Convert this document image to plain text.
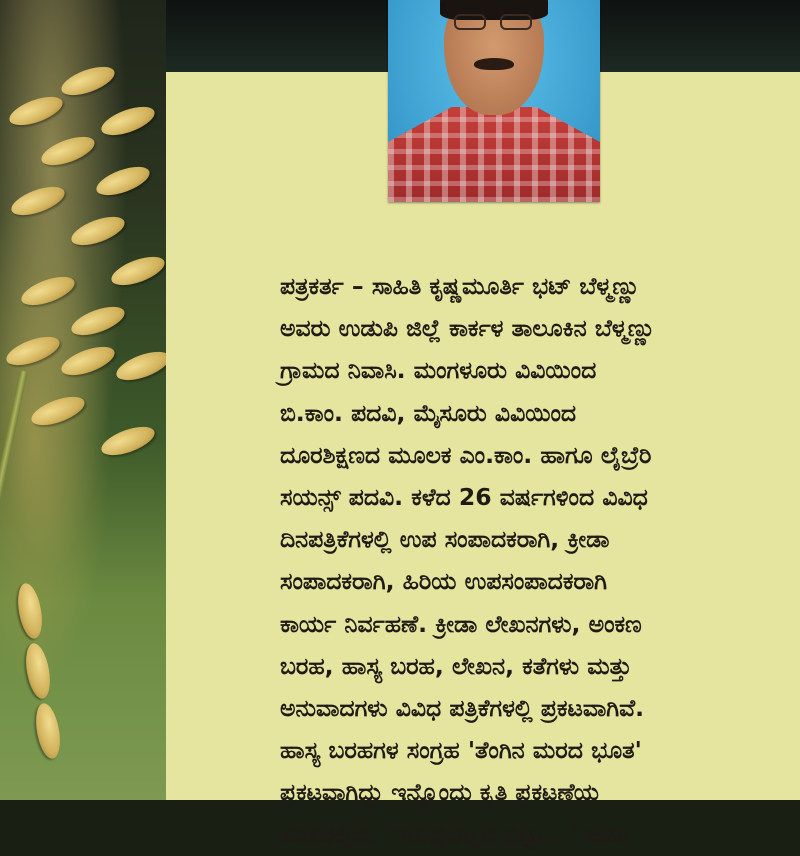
ಪತ್ರಕರ್ತ – ಸಾಹಿತಿ ಕೃಷ್ಣಮೂರ್ತಿ ಭಟ್ ಬೆಳ್ಮಣ್ಣು
ಅವರು ಉಡುಪಿ ಜಿಲ್ಲೆ ಕಾರ್ಕಳ ತಾಲೂಕಿನ ಬೆಳ್ಮಣ್ಣು
ಗ್ರಾಮದ ನಿವಾಸಿ. ಮಂಗಳೂರು ವಿವಿಯಿಂದ
ಬಿ.ಕಾಂ. ಪದವಿ, ಮೈಸೂರು ವಿವಿಯಿಂದ
ದೂರಶಿಕ್ಷಣದ ಮೂಲಕ ಎಂ.ಕಾಂ. ಹಾಗೂ ಲೈಬ್ರೆರಿ
ಸಯನ್ಸ್ ಪದವಿ. ಕಳೆದ 26 ವರ್ಷಗಳಿಂದ ವಿವಿಧ
ದಿನಪತ್ರಿಕೆಗಳಲ್ಲಿ ಉಪ ಸಂಪಾದಕರಾಗಿ, ಕ್ರೀಡಾ
ಸಂಪಾದಕರಾಗಿ, ಹಿರಿಯ ಉಪಸಂಪಾದಕರಾಗಿ
ಕಾರ್ಯ ನಿರ್ವಹಣೆ. ಕ್ರೀಡಾ ಲೇಖನಗಳು, ಅಂಕಣ
ಬರಹ, ಹಾಸ್ಯ ಬರಹ, ಲೇಖನ, ಕತೆಗಳು ಮತ್ತು
ಅನುವಾದಗಳು ವಿವಿಧ ಪತ್ರಿಕೆಗಳಲ್ಲಿ ಪ್ರಕಟವಾಗಿವೆ.
ಹಾಸ್ಯ ಬರಹಗಳ ಸಂಗ್ರಹ 'ತೆಂಗಿನ ಮರದ ಭೂತ'
ಪ್ರಕಟವಾಗಿದ್ದು ಇನ್ನೊಂದು ಕೃತಿ ಪ್ರಕಟಣೆಯ
ಹಂತದಲ್ಲಿದೆ, 'ಇರುವುದೆಲ್ಲವ ಬಿಟ್ಟು...' ಅವರ
